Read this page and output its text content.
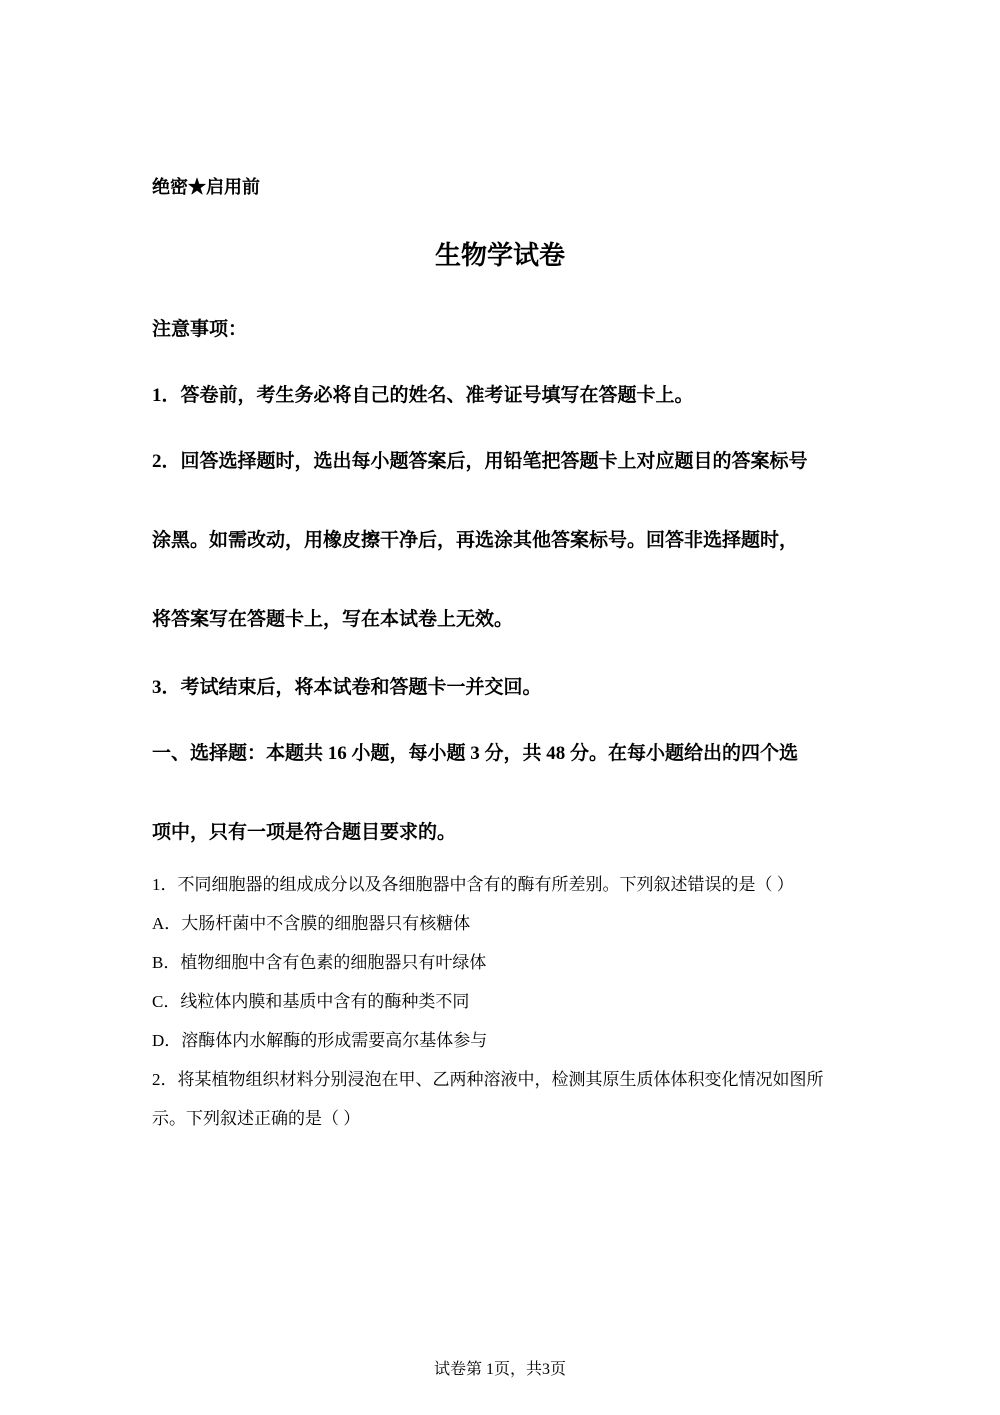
绝密★启用前
生物学试卷
注意事项：
1．答卷前，考生务必将自己的姓名、准考证号填写在答题卡上。
2．回答选择题时，选出每小题答案后，用铅笔把答题卡上对应题目的答案标号
涂黑。如需改动，用橡皮擦干净后，再选涂其他答案标号。回答非选择题时，
将答案写在答题卡上，写在本试卷上无效。
3．考试结束后，将本试卷和答题卡一并交回。
一、选择题：本题共 16 小题，每小题 3 分，共 48 分。在每小题给出的四个选
项中，只有一项是符合题目要求的。
1．不同细胞器的组成成分以及各细胞器中含有的酶有所差别。下列叙述错误的是（ ）
A．大肠杆菌中不含膜的细胞器只有核糖体
B．植物细胞中含有色素的细胞器只有叶绿体
C．线粒体内膜和基质中含有的酶种类不同
D．溶酶体内水解酶的形成需要高尔基体参与
2．将某植物组织材料分别浸泡在甲、乙两种溶液中，检测其原生质体体积变化情况如图所
示。下列叙述正确的是（ ）
试卷第 1页，共3页
